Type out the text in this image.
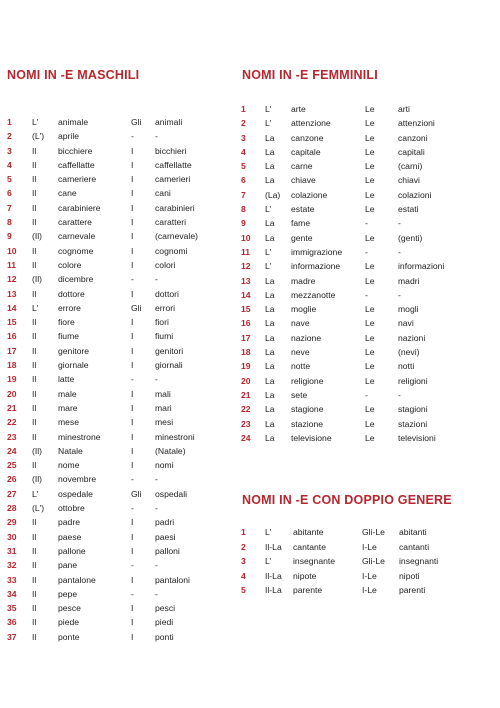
NOMI IN -E MASCHILI
1 L' animale	Gli animali
2 (L') aprile	- -
3 Il	bicchiere	I	bicchieri
4 Il	caffellatte	I	caffellatte
5 Il	cameriere	I	camerieri
6 Il	cane	I	cani
7 Il	carabiniere	I	carabinieri
8 Il	carattere	I	caratteri
9 (Il) carnevale	I	(carnevale)
10 Il	cognome	I	cognomi
11 Il	colore	I	colori
12 (Il) dicembre	- -
13 Il	dottore	I	dottori
14 L' errore	Gli errori
15 Il	fiore	I	fiori
16 Il	fiume	I	fiumi
17 Il	genitore	I	genitori
18 Il	giornale	I	giornali
19 Il	latte	- -
20 Il	male	I	mali
21 Il	mare	I	mari
22 Il	mese	I	mesi
23 Il	minestrone	I	minestroni
24 (Il) Natale	I	(Natale)
25 Il	nome	I	nomi
26 (Il) novembre	- -
27 L' ospedale	Gli ospedali
28 (L') ottobre	- -
29 Il	padre	I	padri
30 Il	paese	I	paesi
31 Il	pallone	I	palloni
32 Il	pane	- -
33 Il	pantalone	I	pantaloni
34 Il	pepe	- -
35 Il	pesce	I	pesci
36 Il	piede	I	piedi
37 Il	ponte	I	ponti
NOMI IN -E FEMMINILI
1 L' arte	Le	arti
2 L' attenzione	Le	attenzioni
3 La canzone	Le	canzoni
4 La capitale	Le	capitali
5 La carne	Le	(carni)
6 La chiave	Le	chiavi
7 (La) colazione	Le	colazioni
8 L' estate	Le	estati
9 La fame	-	-
10 La gente	Le	(genti)
11 L' immigrazione	-	-
12 L' informazione	Le	informazioni
13 La madre	Le	madri
14 La mezzanotte	-	-
15 La moglie	Le	mogli
16 La nave	Le	navi
17 La nazione	Le	nazioni
18 La neve	Le	(nevi)
19 La notte	Le	notti
20 La religione	Le	religioni
21 La sete	-	-
22 La stagione	Le	stagioni
23 La stazione	Le	stazioni
24 La televisione	Le	televisioni
NOMI IN -E CON DOPPIO GENERE
1 L'	abitante	Gli-Le abitanti
2 Il-La cantante	I-Le	cantanti
3 L'	insegnante	Gli-Le insegnanti
4 Il-La nipote	I-Le	nipoti
5 Il-La parente	I-Le	parenti
